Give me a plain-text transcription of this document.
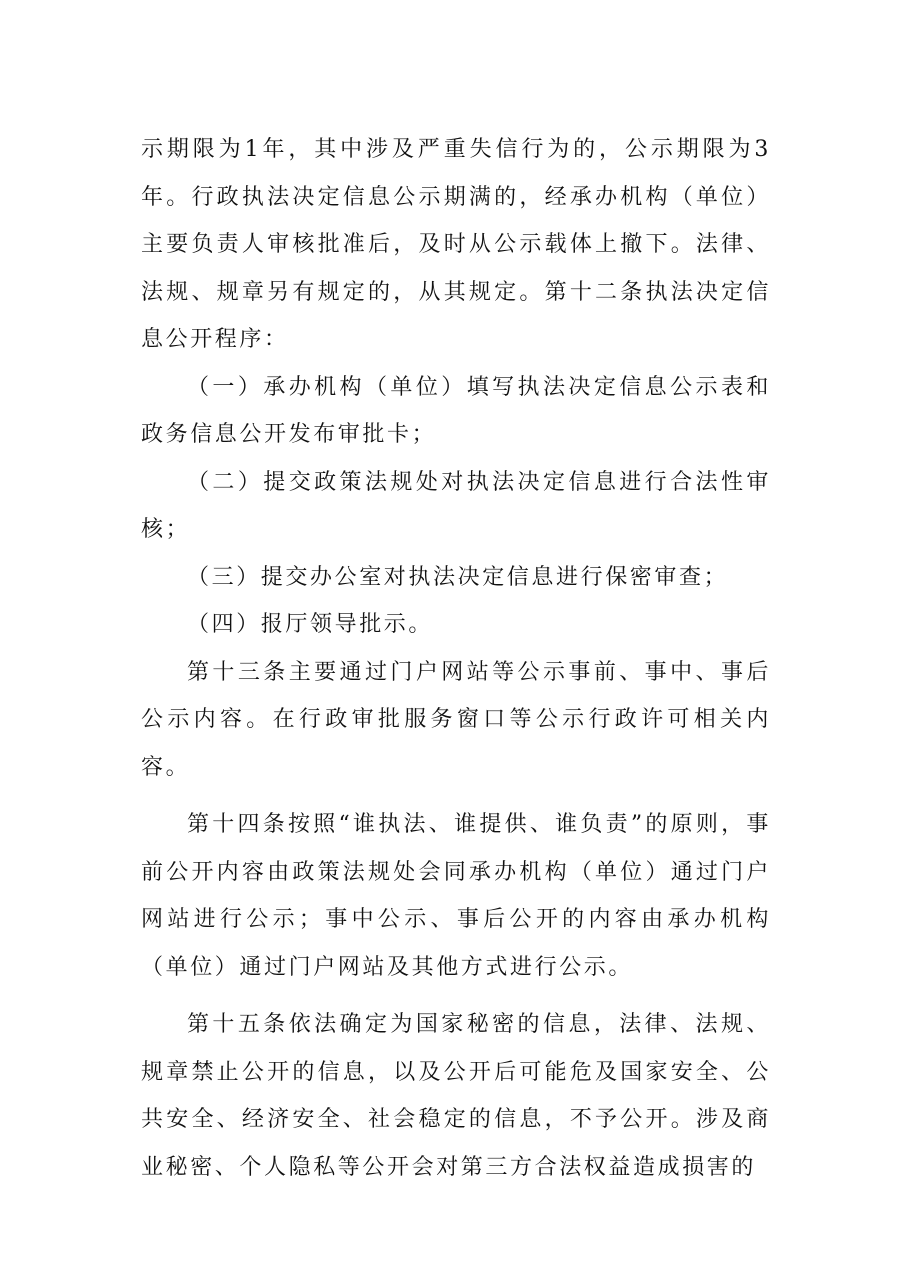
示期限为1年，其中涉及严重失信行为的，公示期限为3年。行政执法决定信息公示期满的，经承办机构（单位）主要负责人审核批准后，及时从公示载体上撤下。法律、法规、规章另有规定的，从其规定。第十二条执法决定信息公开程序：

（一）承办机构（单位）填写执法决定信息公示表和政务信息公开发布审批卡；

（二）提交政策法规处对执法决定信息进行合法性审核；

（三）提交办公室对执法决定信息进行保密审查；

（四）报厅领导批示。

第十三条主要通过门户网站等公示事前、事中、事后公示内容。在行政审批服务窗口等公示行政许可相关内容。

第十四条按照“谁执法、谁提供、谁负责”的原则，事前公开内容由政策法规处会同承办机构（单位）通过门户网站进行公示；事中公示、事后公开的内容由承办机构（单位）通过门户网站及其他方式进行公示。

第十五条依法确定为国家秘密的信息，法律、法规、规章禁止公开的信息，以及公开后可能危及国家安全、公共安全、经济安全、社会稳定的信息，不予公开。涉及商业秘密、个人隐私等公开会对第三方合法权益造成损害的
